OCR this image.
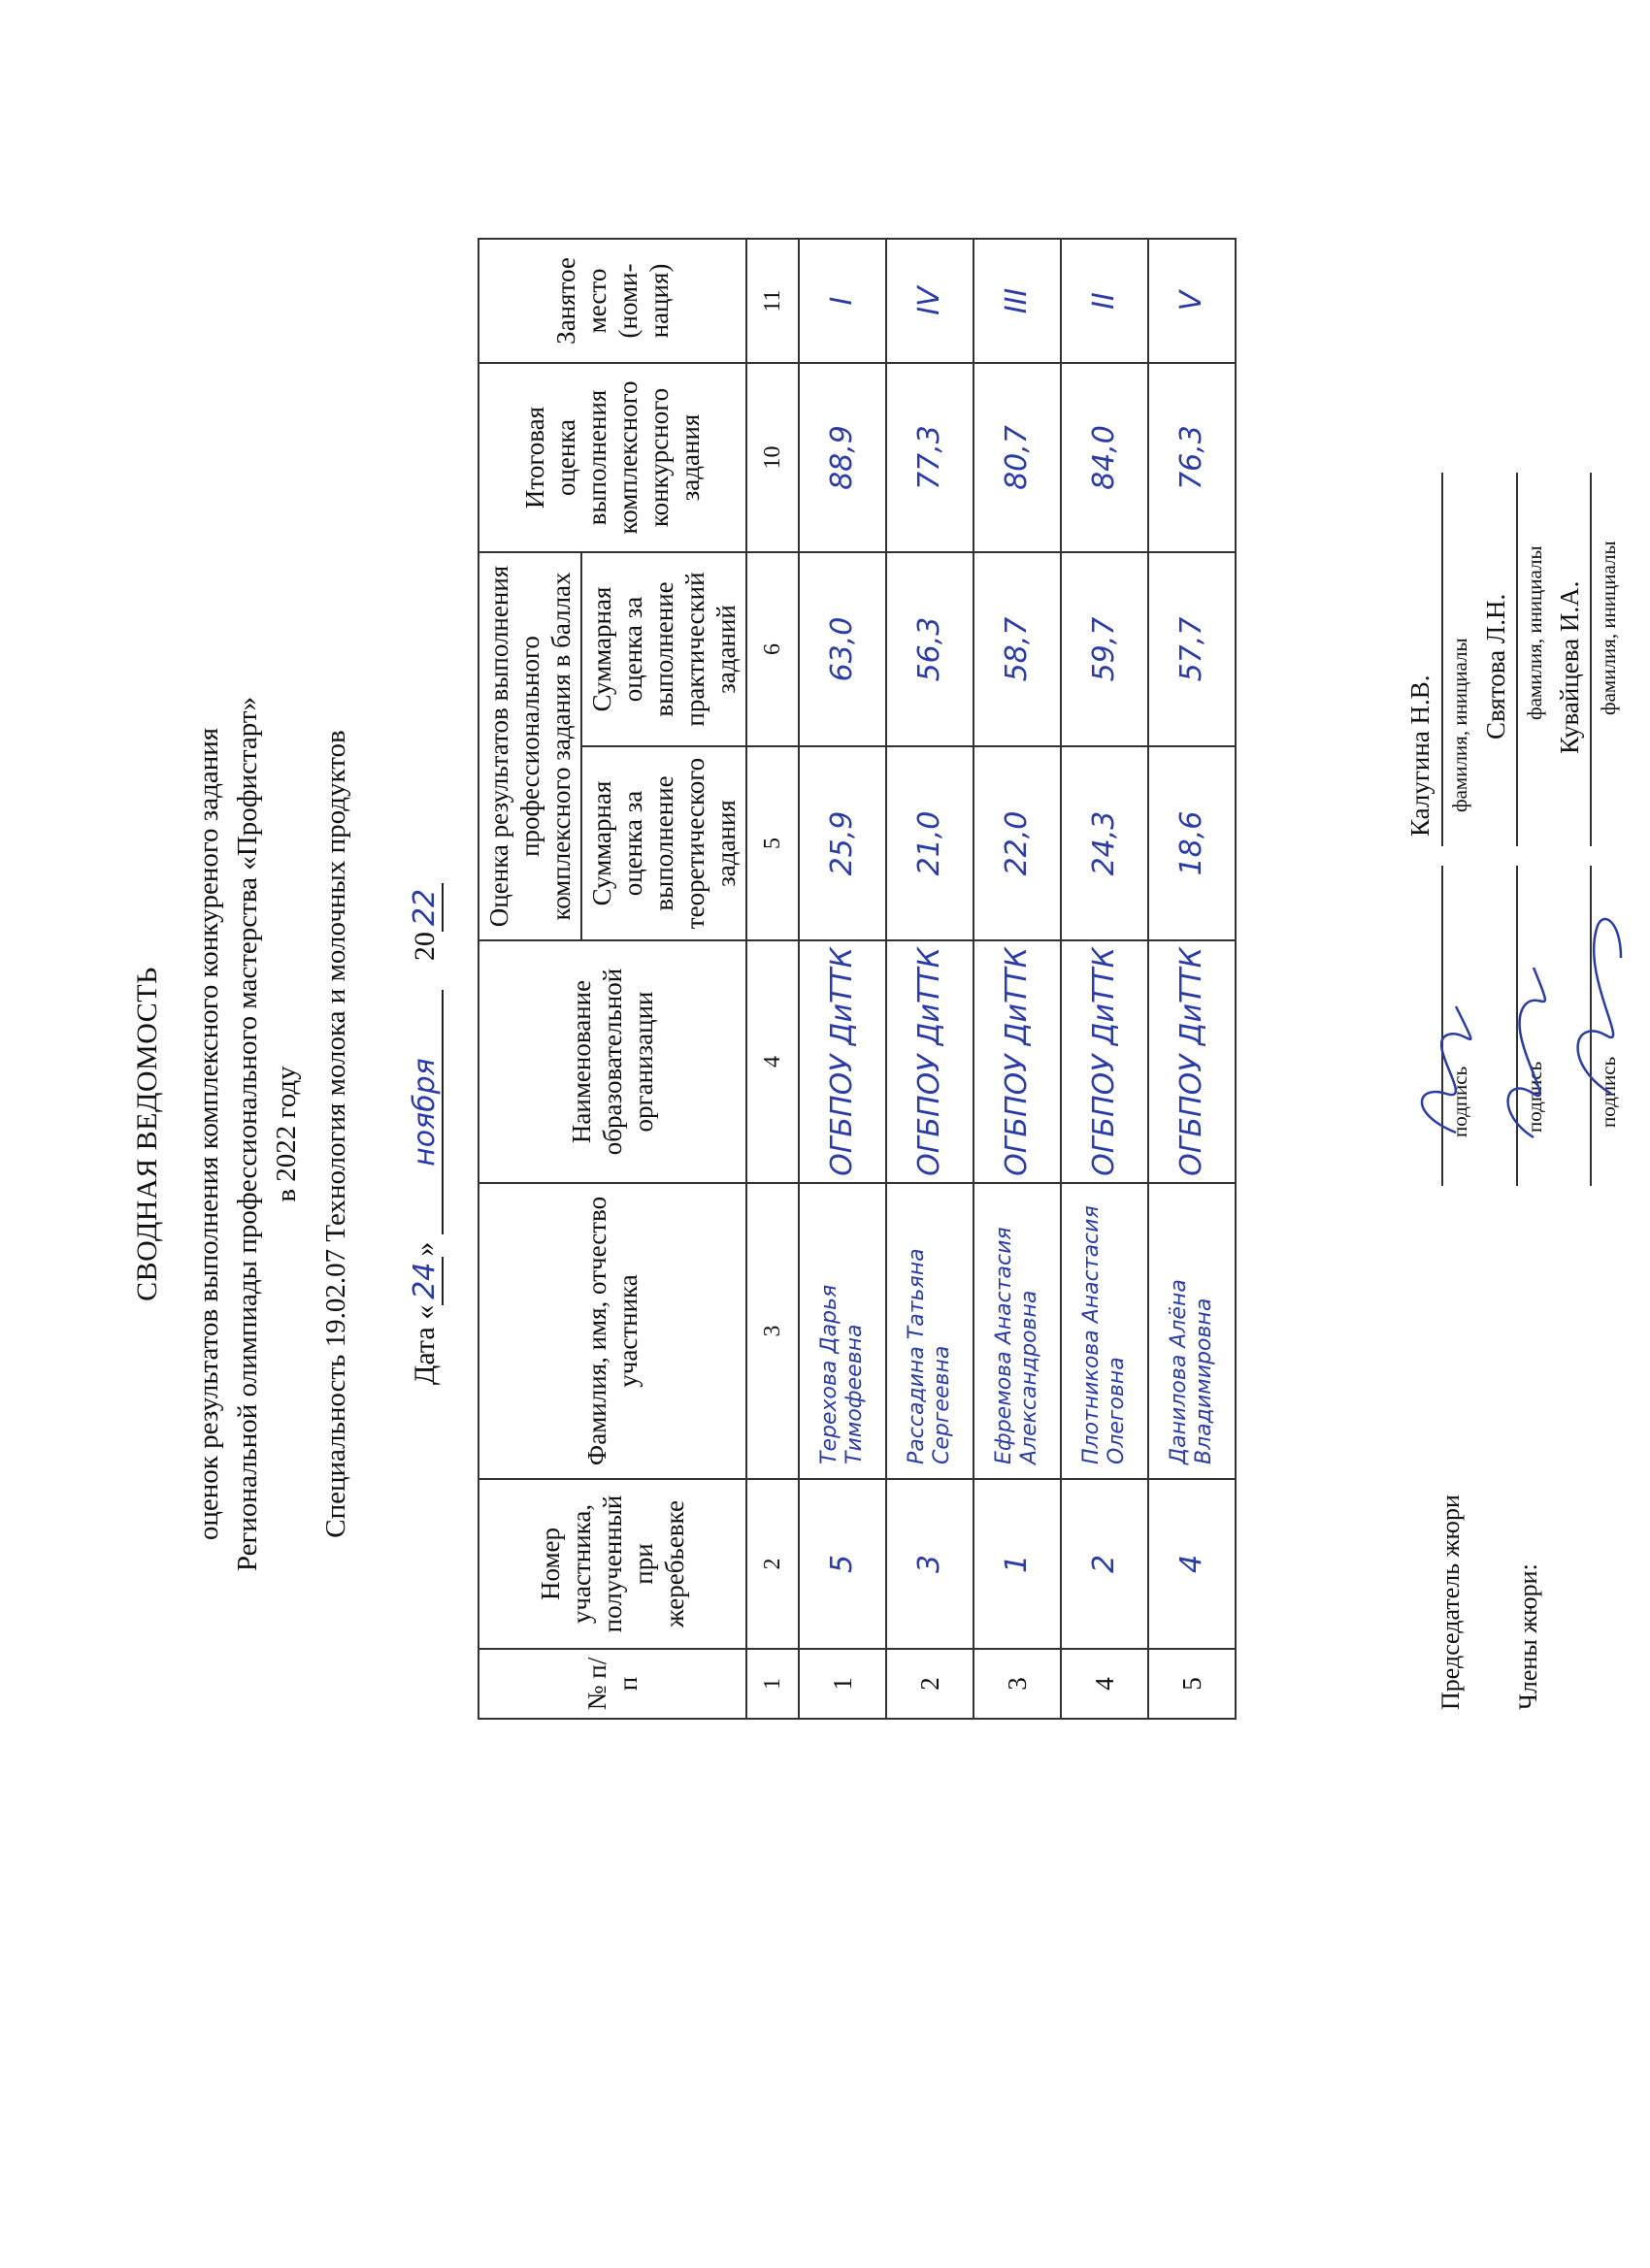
СВОДНАЯ ВЕДОМОСТЬ оценок результатов выполнения комплексного конкуреного задания Региональной олимпиады профессионального мастерства «Профистарт» в 2022 году Специальность 19.02.07 Технология молока и молочных продуктов Дата «24» ноября    2022
№ п/п	Номер участника, полученный при жеребьевке	Фамилия, имя, отчество участника	Наименование образовательной организации	Оценка результатов выполнения профессионального комплексного задания в баллах		Итоговая оценка выполнения комплексного конкурсного задания	Занятое место (номи-нация)
				Суммарная оценка за выполнение теоретического задания	Суммарная оценка за выполнение практический заданий		
1	2	3	4	5	6	10	11
1	5	Терехова Дарья Тимофеевна	ОГБПОУ ДиТТК	25,9	63,0	88,9	I
2	3	Рассадина Татьяна Сергеевна	ОГБПОУ ДиТТК	21,0	56,3	77,3	IV
3	1	Ефремова Анастасия Александровна	ОГБПОУ ДиТТК	22,0	58,7	80,7	III
4	2	Плотникова Анастасия Олеговна	ОГБПОУ ДиТТК	24,3	59,7	84,0	II
5	4	Данилова Алёна Владимировна	ОГБПОУ ДиТТК	18,6	57,7	76,3	V
Председатель жюри Члены жюри:
подпись
Калугина Н.В. фамилия, инициалы
подпись
Святова Л.Н. фамилия, инициалы
подпись
Кувайцева И.А. фамилия, инициалы
